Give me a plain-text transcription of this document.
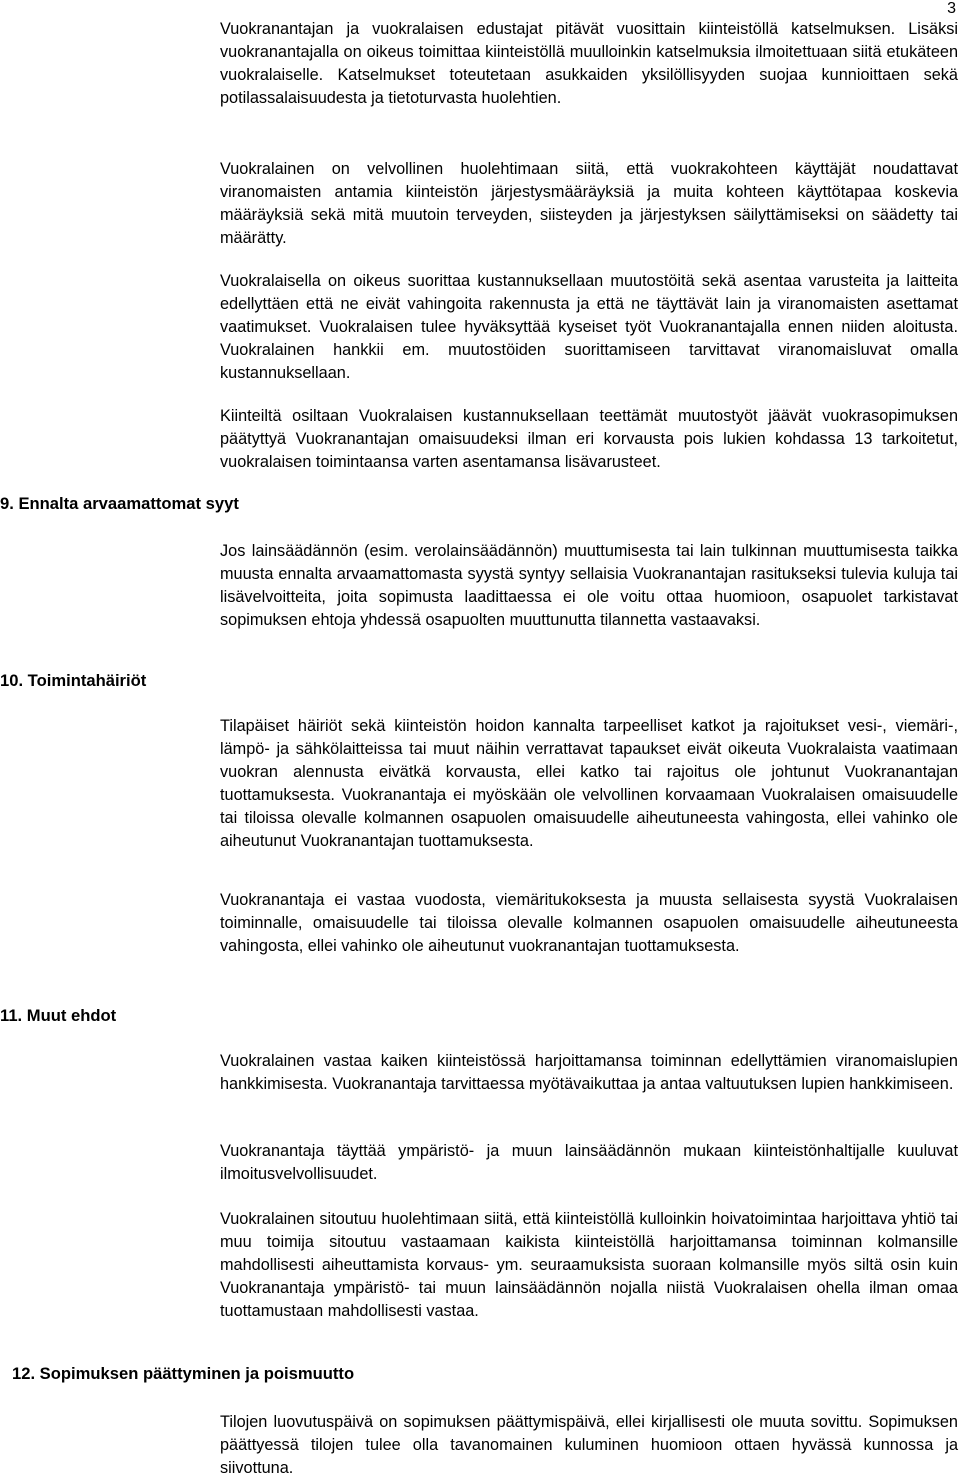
3

Vuokranantajan ja vuokralaisen edustajat pitävät vuosittain kiinteistöllä katselmuksen. Lisäksi vuokranantajalla on oikeus toimittaa kiinteistöllä muulloinkin katselmuksia ilmoitettuaan siitä etukäteen vuokralaiselle. Katselmukset toteutetaan asukkaiden yksilöllisyyden suojaa kunnioittaen sekä potilassalaisuudesta ja tietoturvasta huolehtien.

Vuokralainen on velvollinen huolehtimaan siitä, että vuokrakohteen käyttäjät noudattavat viranomaisten antamia kiinteistön järjestysmääräyksiä ja muita kohteen käyttötapaa koskevia määräyksiä sekä mitä muutoin terveyden, siisteyden ja järjestyksen säilyttämiseksi on säädetty tai määrätty.

Vuokralaisella on oikeus suorittaa kustannuksellaan muutostöitä sekä asentaa varusteita ja laitteita edellyttäen että ne eivät vahingoita rakennusta ja että ne täyttävät lain ja viranomaisten asettamat vaatimukset. Vuokralaisen tulee hyväksyttää kyseiset työt Vuokranantajalla ennen niiden aloitusta. Vuokralainen hankkii em. muutostöiden suorittamiseen tarvittavat viranomaisluvat omalla kustannuksellaan.

Kiinteiltä osiltaan Vuokralaisen kustannuksellaan teettämät muutostyöt jäävät vuokrasopimuksen päätyttyä Vuokranantajan omaisuudeksi ilman eri korvausta pois lukien kohdassa 13 tarkoitetut, vuokralaisen toimintaansa varten asentamansa lisävarusteet.

9. Ennalta arvaamattomat syyt

Jos lainsäädännön (esim. verolainsäädännön) muuttumisesta tai lain tulkinnan muuttumisesta taikka muusta ennalta arvaamattomasta syystä syntyy sellaisia Vuokranantajan rasitukseksi tulevia kuluja tai lisävelvoitteita, joita sopimusta laadittaessa ei ole voitu ottaa huomioon, osapuolet tarkistavat sopimuksen ehtoja yhdessä osapuolten muuttunutta tilannetta vastaavaksi.

10. Toimintahäiriöt

Tilapäiset häiriöt sekä kiinteistön hoidon kannalta tarpeelliset katkot ja rajoitukset vesi-, viemäri-, lämpö- ja sähkölaitteissa tai muut näihin verrattavat tapaukset eivät oikeuta Vuokralaista vaatimaan vuokran alennusta eivätkä korvausta, ellei katko tai rajoitus ole johtunut Vuokranantajan tuottamuksesta. Vuokranantaja ei myöskään ole velvollinen korvaamaan Vuokralaisen omaisuudelle tai tiloissa olevalle kolmannen osapuolen omaisuudelle aiheutuneesta vahingosta, ellei vahinko ole aiheutunut Vuokranantajan tuottamuksesta.

Vuokranantaja ei vastaa vuodosta, viemäritukoksesta ja muusta sellaisesta syystä Vuokralaisen toiminnalle, omaisuudelle tai tiloissa olevalle kolmannen osapuolen omaisuudelle aiheutuneesta vahingosta, ellei vahinko ole aiheutunut vuokranantajan tuottamuksesta.

11. Muut ehdot

Vuokralainen vastaa kaiken kiinteistössä harjoittamansa toiminnan edellyttämien viranomaislupien hankkimisesta. Vuokranantaja tarvittaessa myötävaikuttaa ja antaa valtuutuksen lupien hankkimiseen.

Vuokranantaja täyttää ympäristö- ja muun lainsäädännön mukaan kiinteistönhaltijalle kuuluvat ilmoitusvelvollisuudet.

Vuokralainen sitoutuu huolehtimaan siitä, että kiinteistöllä kulloinkin hoivatoimintaa harjoittava yhtiö tai muu toimija sitoutuu vastaamaan kaikista kiinteistöllä harjoittamansa toiminnan kolmansille mahdollisesti aiheuttamista korvaus- ym. seuraamuksista suoraan kolmansille myös siltä osin kuin Vuokranantaja ympäristö- tai muun lainsäädännön nojalla niistä Vuokralaisen ohella ilman omaa tuottamustaan mahdollisesti vastaa.

12. Sopimuksen päättyminen ja poismuutto

Tilojen luovutuspäivä on sopimuksen päättymispäivä, ellei kirjallisesti ole muuta sovittu. Sopimuksen päättyessä tilojen tulee olla tavanomainen kuluminen huomioon ottaen hyvässä kunnossa ja siivottuna.
